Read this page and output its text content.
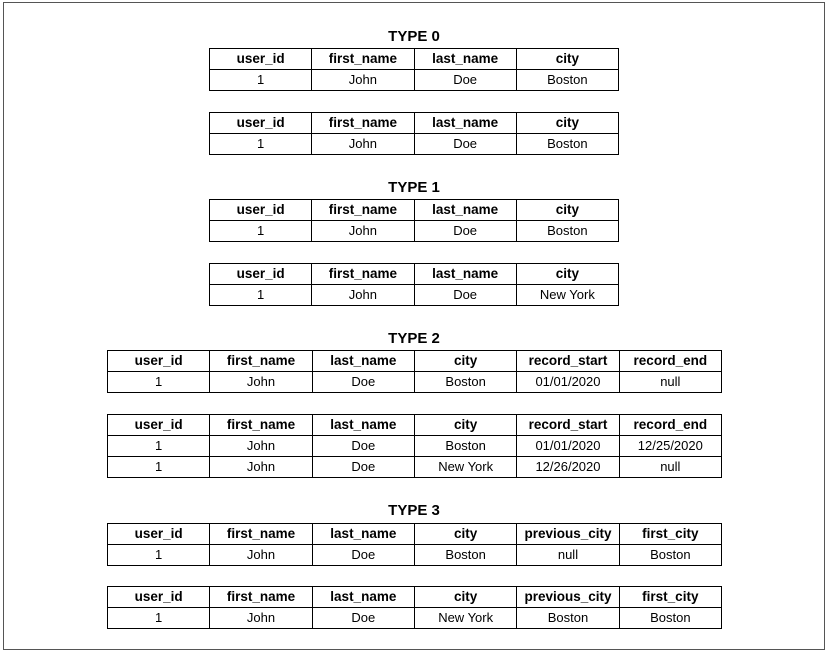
TYPE 0
user_id	first_name	last_name	city
1	John	Doe	Boston
user_id	first_name	last_name	city
1	John	Doe	Boston
TYPE 1
user_id	first_name	last_name	city
1	John	Doe	Boston
user_id	first_name	last_name	city
1	John	Doe	New York
TYPE 2
user_id	first_name	last_name	city	record_start	record_end
1	John	Doe	Boston	01/01/2020	null
user_id	first_name	last_name	city	record_start	record_end
1	John	Doe	Boston	01/01/2020	12/25/2020
1	John	Doe	New York	12/26/2020	null
TYPE 3
user_id	first_name	last_name	city	previous_city	first_city
1	John	Doe	Boston	null	Boston
user_id	first_name	last_name	city	previous_city	first_city
1	John	Doe	New York	Boston	Boston
